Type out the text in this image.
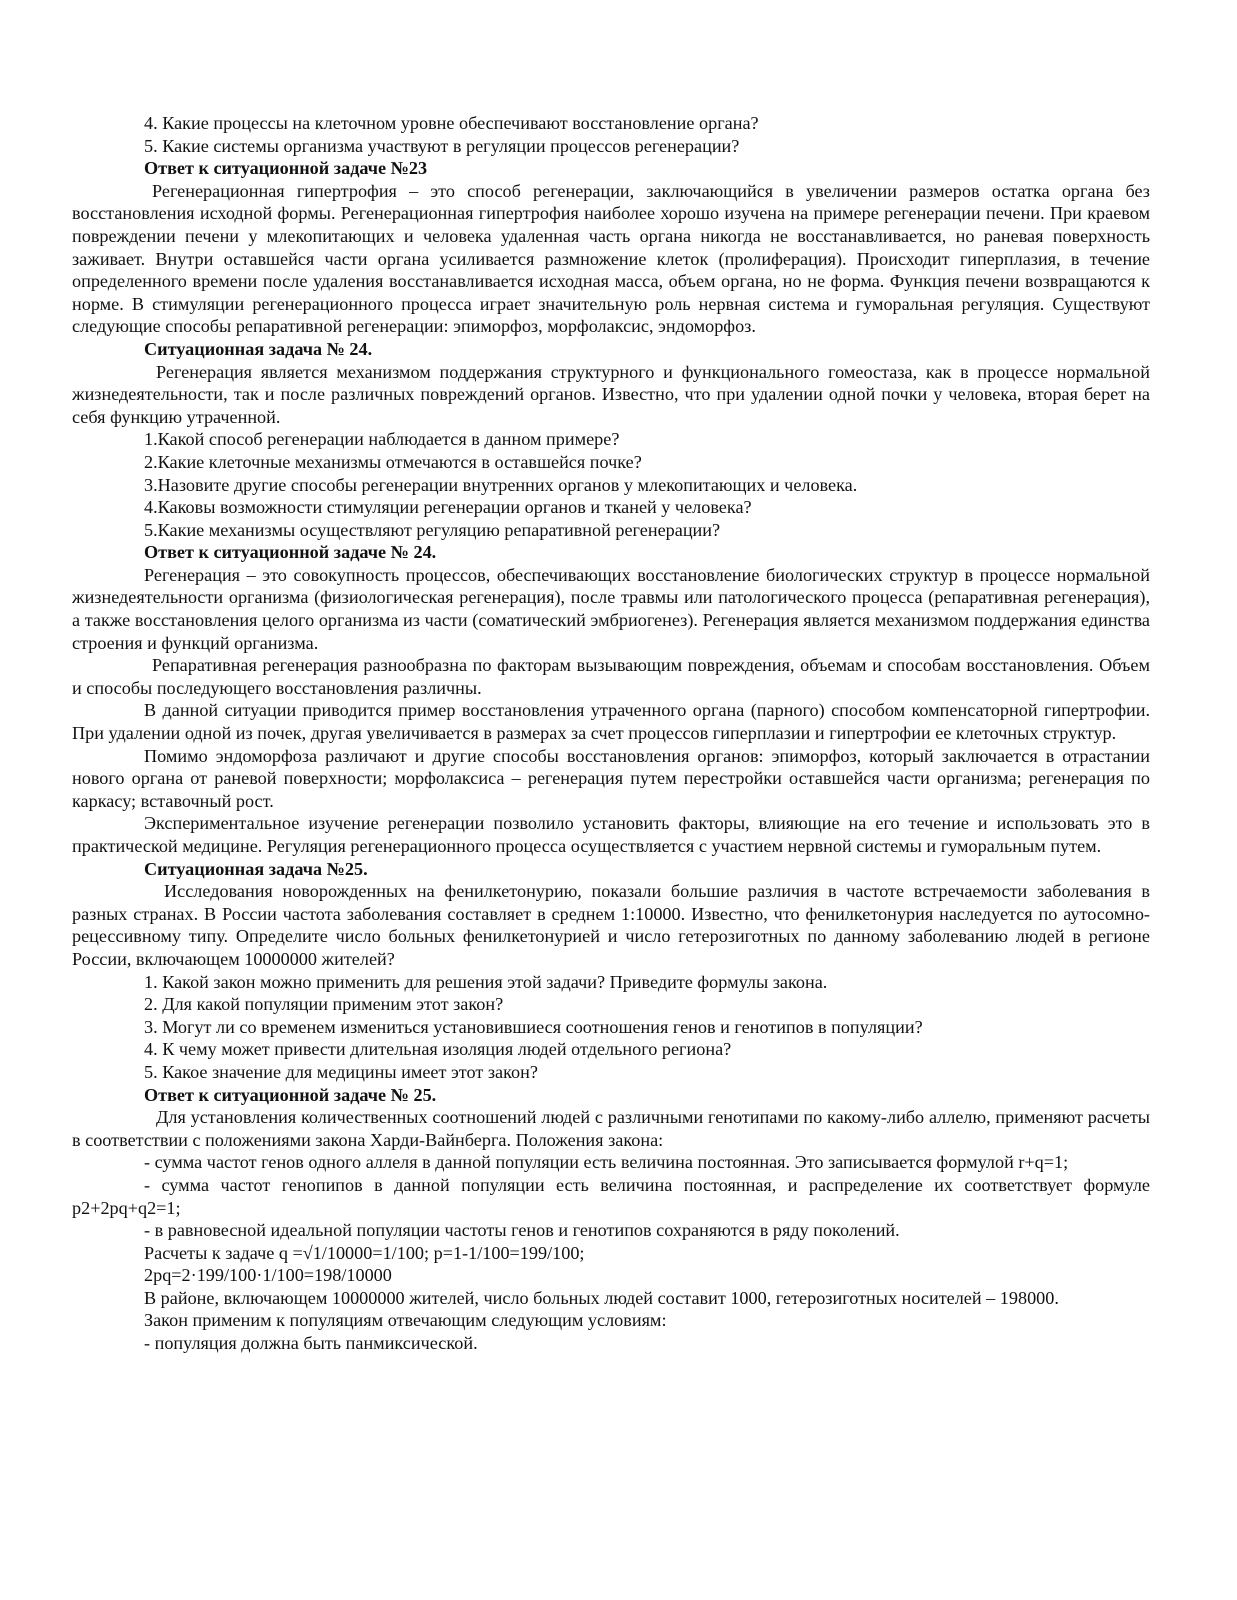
4. Какие процессы на клеточном уровне обеспечивают восстановление органа?

5. Какие системы организма участвуют в регуляции процессов регенерации?

Ответ к ситуационной задаче №23

Регенерационная гипертрофия – это способ регенерации, заключающийся в увеличении размеров остатка органа без восстановления исходной формы. Регенерационная гипертрофия наиболее хорошо изучена на примере регенерации печени. При краевом повреждении печени у млекопитающих и человека удаленная часть органа никогда не восстанавливается, но раневая поверхность заживает. Внутри оставшейся части органа усиливается размножение клеток (пролиферация). Происходит гиперплазия, в течение определенного времени после удаления восстанавливается исходная масса, объем органа, но не форма. Функция печени возвращаются к норме. В стимуляции регенерационного процесса играет значительную роль нервная система и гуморальная регуляция. Существуют следующие способы репаративной регенерации: эпиморфоз, морфолаксис, эндоморфоз.

Ситуационная задача № 24.

Регенерация является механизмом поддержания структурного и функционального гомеостаза, как в процессе нормальной жизнедеятельности, так и после различных повреждений органов. Известно, что при удалении одной почки у человека, вторая берет на себя функцию утраченной.

1.Какой способ регенерации наблюдается в данном примере?

2.Какие клеточные механизмы отмечаются в оставшейся почке?

3.Назовите другие способы регенерации внутренних органов у млекопитающих и человека.

4.Каковы возможности стимуляции регенерации органов и тканей у человека?

5.Какие механизмы осуществляют регуляцию репаративной регенерации?

Ответ к ситуационной задаче № 24.

Регенерация – это совокупность процессов, обеспечивающих восстановление биологических структур в процессе нормальной жизнедеятельности организма (физиологическая регенерация), после травмы или патологического процесса (репаративная регенерация), а также восстановления целого организма из части (соматический эмбриогенез). Регенерация является механизмом поддержания единства строения и функций организма.

Репаративная регенерация разнообразна по факторам вызывающим повреждения, объемам и способам восстановления. Объем и способы последующего восстановления различны.

В данной ситуации приводится пример восстановления утраченного органа (парного) способом компенсаторной гипертрофии. При удалении одной из почек, другая увеличивается в размерах за счет процессов гиперплазии и гипертрофии ее клеточных структур.

Помимо эндоморфоза различают и другие способы восстановления органов: эпиморфоз, который заключается в отрастании нового органа от раневой поверхности; морфолаксиса – регенерация путем перестройки оставшейся части организма; регенерация по каркасу; вставочный рост.

Экспериментальное изучение регенерации позволило установить факторы, влияющие на его течение и использовать это в практической медицине. Регуляция регенерационного процесса осуществляется с участием нервной системы и гуморальным путем.

Ситуационная задача №25.

Исследования новорожденных на фенилкетонурию, показали большие различия в частоте встречаемости заболевания в разных странах. В России частота заболевания составляет в среднем 1:10000. Известно, что фенилкетонурия наследуется по аутосомно-рецессивному типу. Определите число больных фенилкетонурией и число гетерозиготных по данному заболеванию людей в регионе России, включающем 10000000 жителей?

1. Какой закон можно применить для решения этой задачи? Приведите формулы закона.

2. Для какой популяции применим этот закон?

3. Могут ли со временем измениться установившиеся соотношения генов и генотипов в популяции?

4. К чему может привести длительная изоляция людей отдельного региона?

5. Какое значение для медицины имеет этот закон?

Ответ к ситуационной задаче № 25.

Для установления количественных соотношений людей с различными генотипами по какому-либо аллелю, применяют расчеты в соответствии с положениями закона Харди-Вайнберга. Положения закона:

- сумма частот генов одного аллеля в данной популяции есть величина постоянная. Это записывается формулой r+q=1;

- сумма частот генопипов в данной популяции есть величина постоянная, и распределение их соответствует формуле p2+2pq+q2=1;

- в равновесной идеальной популяции частоты генов и генотипов сохраняются в ряду поколений.

Расчеты к задаче q =√1/10000=1/100; p=1-1/100=199/100;

2pq=2·199/100·1/100=198/10000

В районе, включающем 10000000 жителей, число больных людей составит 1000, гетерозиготных носителей – 198000.

Закон применим к популяциям отвечающим следующим условиям:

- популяция должна быть панмиксической.
